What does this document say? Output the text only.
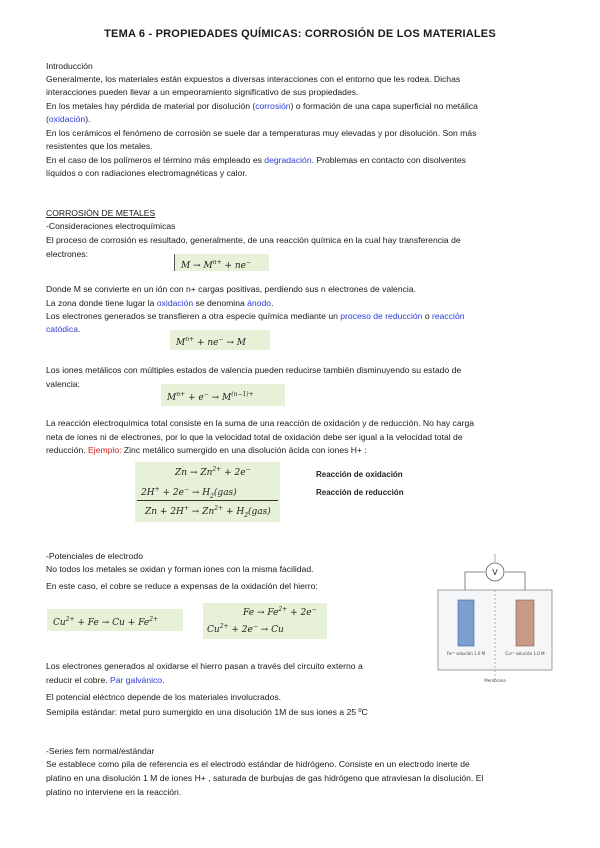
TEMA 6 - PROPIEDADES QUÍMICAS: CORROSIÓN DE LOS MATERIALES
Introducción
Generalmente, los materiales están expuestos a diversas interacciones con el entorno que les rodea. Dichas
interacciones pueden llevar a un empeoramiento significativo de sus propiedades.
En los metales hay pérdida de material por disolución (corrosión) o formación de una capa superficial no metálica
(oxidación).
En los cerámicos el fenómeno de corrosión se suele dar a temperaturas muy elevadas y por disolución. Son más
resistentes que los metales.
En el caso de los polímeros el término más empleado es degradación. Problemas en contacto con disolventes
líquidos o con radiaciones electromagnéticas y calor.
CORROSIÓN DE METALES
-Consideraciones electroquímicas
El proceso de corrosión es resultado, generalmente, de una reacción química en la cual hay transferencia de
electrones:
$M \to M^{n+} + ne^-$
Donde M se convierte en un ión con n+ cargas positivas, perdiendo sus n electrones de valencia.
La zona donde tiene lugar la oxidación se denomina ánodo.
Los electrones generados se transfieren a otra especie química mediante un proceso de reducción o reacción
catódica.
$M^{n+} + ne^- \to M$
Los iones metálicos con múltiples estados de valencia pueden reducirse también disminuyendo su estado de
valencia:
$M^{n+} + e^- \to M^{(n-1)+}$
La reacción electroquímica total consiste en la suma de una reacción de oxidación y de reducción. No hay carga
neta de iones ni de electrones, por lo que la velocidad total de oxidación debe ser igual a la velocidad total de
reducción. Ejemplo: Zinc metálico sumergido en una disolución ácida con iones H+ :
$Zn \to Zn^{2+} + 2e^-$
$2H^+ + 2e^- \to H_2(gas)$
$Zn + 2H^+ \to Zn^{2+} + H_2(gas)$
Reacción de oxidación
Reacción de reducción
-Potenciales de electrodo
No todos los metales se oxidan y forman iones con la misma facilidad.
En este caso, el cobre se reduce a expensas de la oxidación del hierro:
$Cu^{2+} + Fe \to Cu + Fe^{2+}$
$Fe \to Fe^{2+} + 2e^-$
$Cu^{2+} + 2e^- \to Cu$
Los electrones generados al oxidarse el hierro pasan a través del circuito externo a
reducir el cobre. Par galvánico.
El potencial eléctrico depende de los materiales involucrados.
Semipila estándar: metal puro sumergido en una disolución 1M de sus iones a 25 ºC
V
Fe²⁺ solución 1.0 M	Cu²⁺ solución 1.0 M
Membrana
-Series fem normal/estándar
Se establece como pila de referencia es el electrodo estándar de hidrógeno. Consiste en un electrodo inerte de
platino en una disolución 1 M de iones H+ , saturada de burbujas de gas hidrógeno que atraviesan la disolución. El
platino no interviene en la reacción.
